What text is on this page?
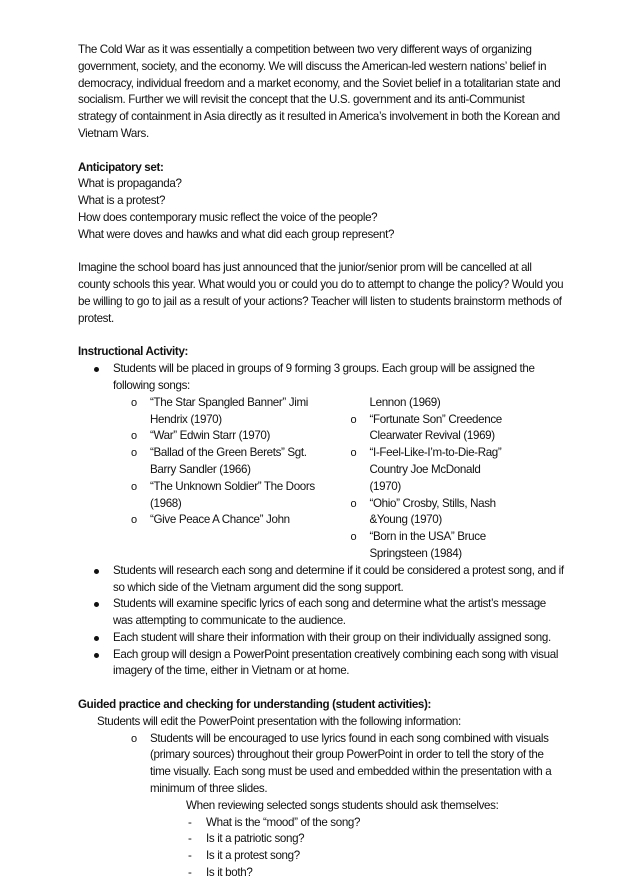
The Cold War as it was essentially a competition between two very different ways of organizing government, society, and the economy. We will discuss the American-led western nations’ belief in democracy, individual freedom and a market economy, and the Soviet belief in a totalitarian state and socialism. Further we will revisit the concept that the U.S. government and its anti-Communist strategy of containment in Asia directly as it resulted in America’s involvement in both the Korean and Vietnam Wars.

Anticipatory set:

What is propaganda?

What is a protest?

How does contemporary music reflect the voice of the people?

What were doves and hawks and what did each group represent?

Imagine the school board has just announced that the junior/senior prom will be cancelled at all county schools this year. What would you or could you do to attempt to change the policy? Would you be willing to go to jail as a result of your actions? Teacher will listen to students brainstorm methods of protest.

Instructional Activity:

Students will be placed in groups of 9 forming 3 groups. Each group will be assigned the following songs:
o “The Star Spangled Banner” Jimi Hendrix (1970)
o “War” Edwin Starr (1970)
o “Ballad of the Green Berets” Sgt. Barry Sandler (1966)
o “The Unknown Soldier” The Doors (1968)
o “Give Peace A Chance” John
Lennon (1969)
o “Fortunate Son” Creedence Clearwater Revival (1969)
o “I-Feel-Like-I’m-to-Die-Rag” Country Joe McDonald (1970)
o “Ohio” Crosby, Stills, Nash &Young (1970)
o “Born in the USA” Bruce Springsteen (1984)
Students will research each song and determine if it could be considered a protest song, and if so which side of the Vietnam argument did the song support.
Students will examine specific lyrics of each song and determine what the artist’s message was attempting to communicate to the audience.
Each student will share their information with their group on their individually assigned song.
Each group will design a PowerPoint presentation creatively combining each song with visual imagery of the time, either in Vietnam or at home.

Guided practice and checking for understanding (student activities):

Students will edit the PowerPoint presentation with the following information:

o Students will be encouraged to use lyrics found in each song combined with visuals (primary sources) throughout their group PowerPoint in order to tell the story of the time visually. Each song must be used and embedded within the presentation with a minimum of three slides.

When reviewing selected songs students should ask themselves:

- What is the “mood” of the song?
- Is it a patriotic song?
- Is it a protest song?
- Is it both?
